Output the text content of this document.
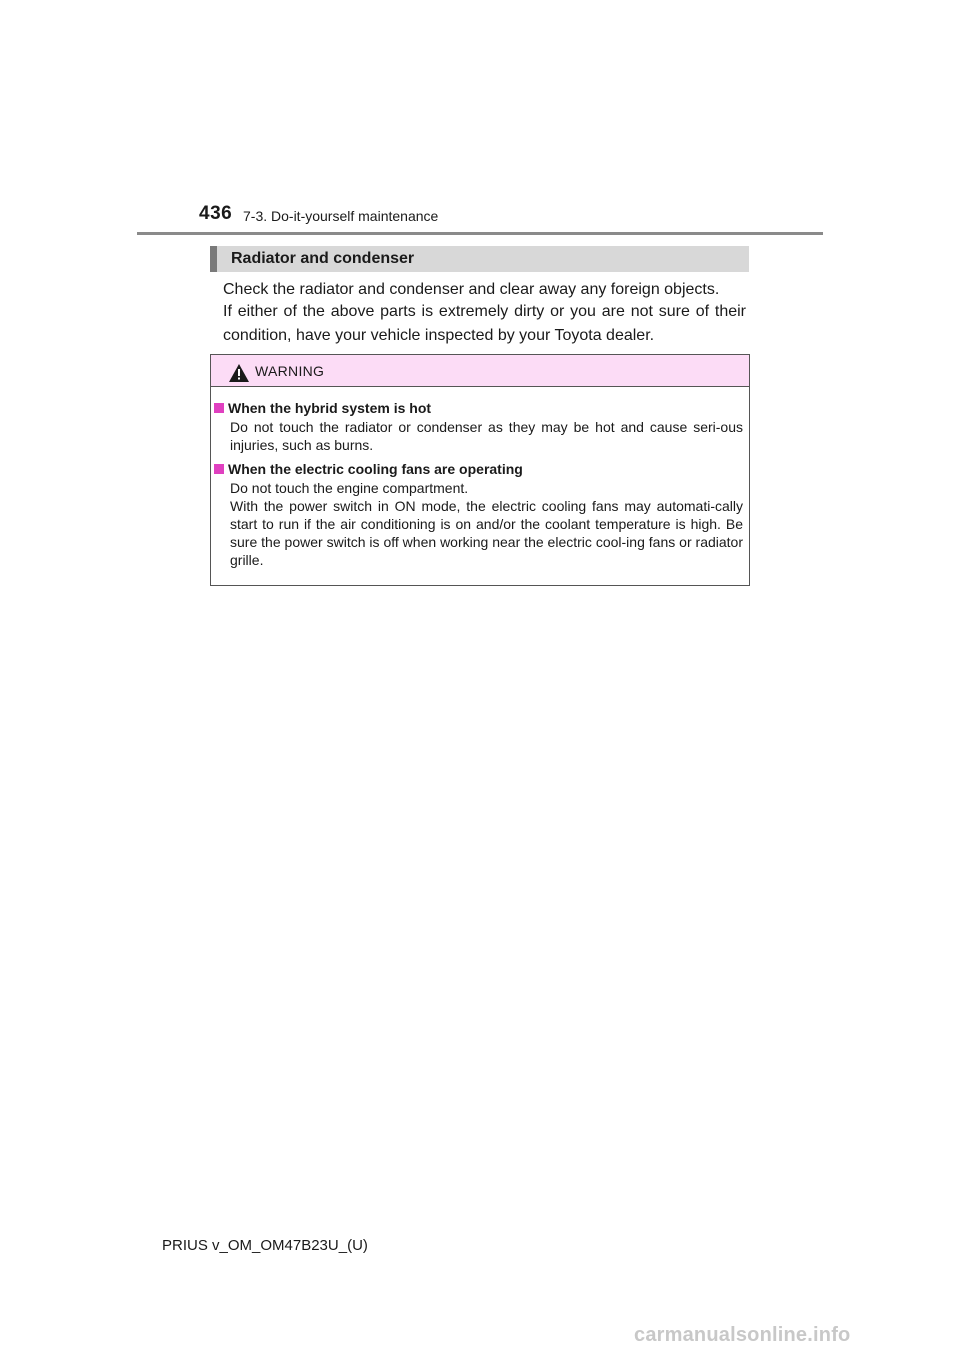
436 7-3. Do-it-yourself maintenance
Radiator and condenser

Check the radiator and condenser and clear away any foreign objects.

If either of the above parts is extremely dirty or you are not sure of their condition, have your vehicle inspected by your Toyota dealer.

WARNING
When the hybrid system is hot

Do not touch the radiator or condenser as they may be hot and cause seri-ous injuries, such as burns.

When the electric cooling fans are operating

Do not touch the engine compartment.

With the power switch in ON mode, the electric cooling fans may automati-cally start to run if the air conditioning is on and/or the coolant temperature is high. Be sure the power switch is off when working near the electric cool-ing fans or radiator grille.

PRIUS v_OM_OM47B23U_(U)
carmanualsonline.info
